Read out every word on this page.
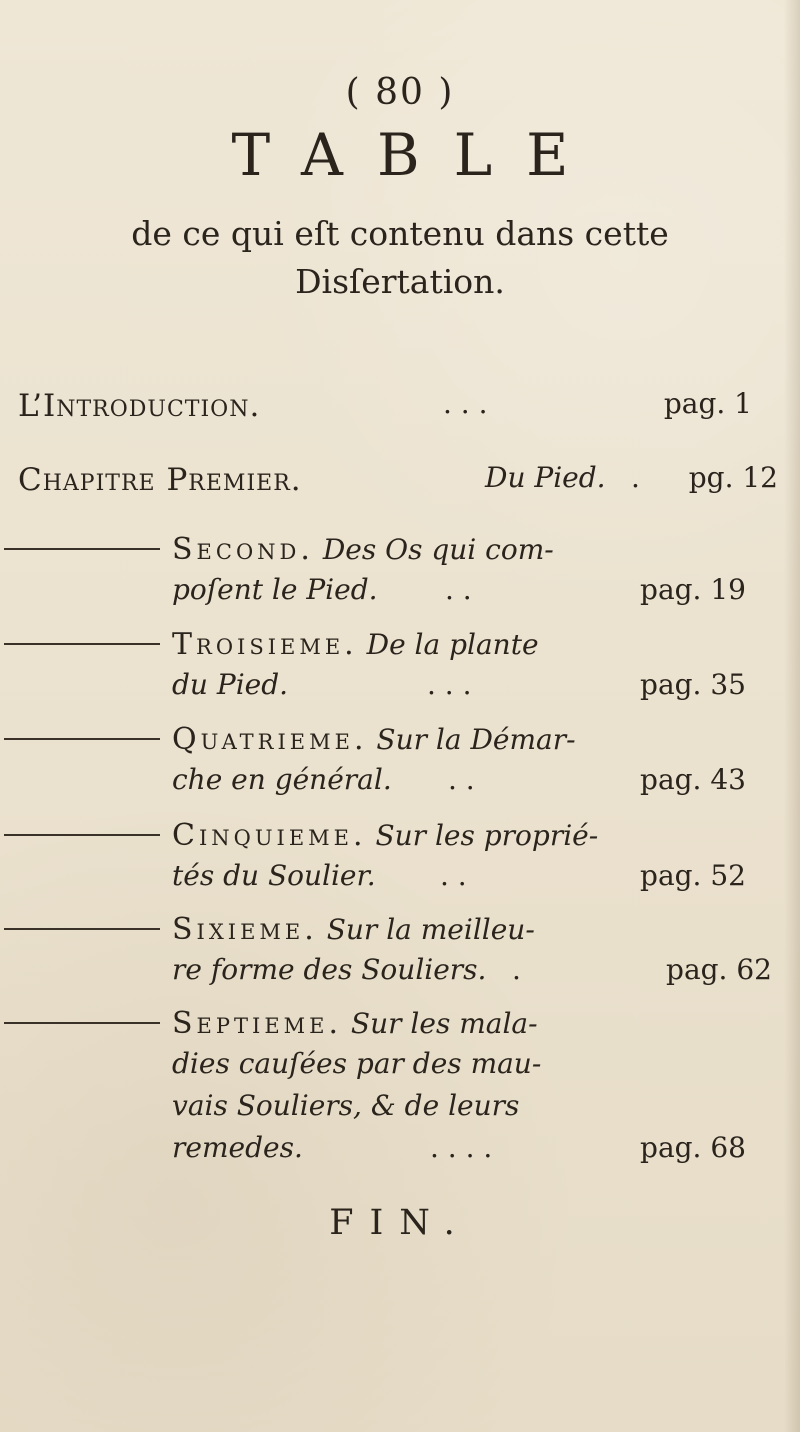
( 80 )
TABLE
de ce qui eſt contenu dans cette
Disſertation.
L’Introduction.	. . .	pag. 1
Chapitre Premier.	Du Pied. . pg. 12
Second. Des Os qui com-
poſent le Pied. . .	pag. 19
Troisieme. De la plante
du Pied.	. . .	pag. 35
Quatrieme. Sur la Démar-
che en général. . .	pag. 43
Cinquieme. Sur les proprié-
tés du Soulier. . .	pag. 52
Sixieme. Sur la meilleu-
re forme des Souliers. .	pag. 62
Septieme. Sur les mala-
dies cauſées par des mau-
vais Souliers, & de leurs
remedes.	. . . .	pag. 68
FIN.
